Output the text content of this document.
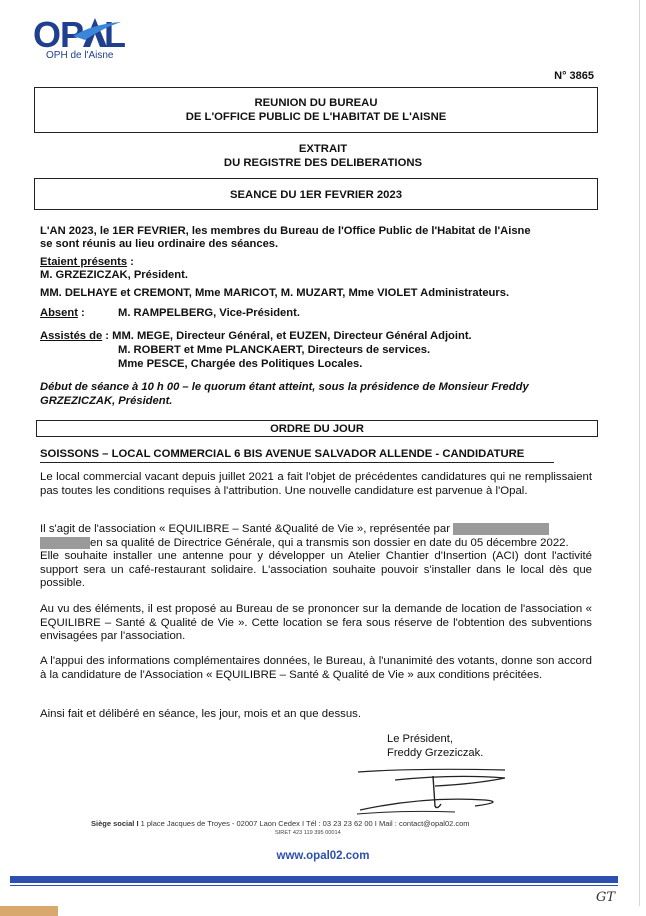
OP L
OPH de l'Aisne
N° 3865
REUNION DU BUREAU
DE L'OFFICE PUBLIC DE L'HABITAT DE L'AISNE
EXTRAIT
DU REGISTRE DES DELIBERATIONS
SEANCE DU 1ER FEVRIER 2023
L'AN 2023, le 1ER FEVRIER, les membres du Bureau de l'Office Public de l'Habitat de l'Aisne
se sont réunis au lieu ordinaire des séances.
Etaient présents :
M. GRZEZICZAK, Président.
MM. DELHAYE et CREMONT, Mme MARICOT, M. MUZART, Mme VIOLET Administrateurs.
Absent :	M. RAMPELBERG, Vice-Président.
Assistés de : MM. MEGE, Directeur Général, et EUZEN, Directeur Général Adjoint.
M. ROBERT et Mme PLANCKAERT, Directeurs de services.
Mme PESCE, Chargée des Politiques Locales.
Début de séance à 10 h 00 – le quorum étant atteint, sous la présidence de Monsieur Freddy
GRZEZICZAK, Président.
ORDRE DU JOUR
SOISSONS – LOCAL COMMERCIAL 6 BIS AVENUE SALVADOR ALLENDE - CANDIDATURE
Le local commercial vacant depuis juillet 2021 a fait l'objet de précédentes candidatures qui ne remplissaient pas toutes les conditions requises à l'attribution. Une nouvelle candidature est parvenue à l'Opal.
Il s'agit de l'association « EQUILIBRE – Santé &Qualité de Vie », représentée par
en sa qualité de Directrice Générale, qui a transmis son dossier en date du 05 décembre 2022.
Elle souhaite installer une antenne pour y développer un Atelier Chantier d'Insertion (ACI) dont l'activité support sera un café-restaurant solidaire. L'association souhaite pouvoir s'installer dans le local dès que possible.
Au vu des éléments, il est proposé au Bureau de se prononcer sur la demande de location de l'association « EQUILIBRE – Santé & Qualité de Vie ». Cette location se fera sous réserve de l'obtention des subventions envisagées par l'association.
A l'appui des informations complémentaires données, le Bureau, à l'unanimité des votants, donne son accord à la candidature de l'Association « EQUILIBRE – Santé & Qualité de Vie » aux conditions précitées.
Ainsi fait et délibéré en séance, les jour, mois et an que dessus.
Le Président,
Freddy Grzeziczak.
Siège social I 1 place Jacques de Troyes - 02007 Laon Cedex I Tél : 03 23 23 62 00 I Mail : contact@opal02.com
SIRET 423 119 395 00014
www.opal02.com
GT
